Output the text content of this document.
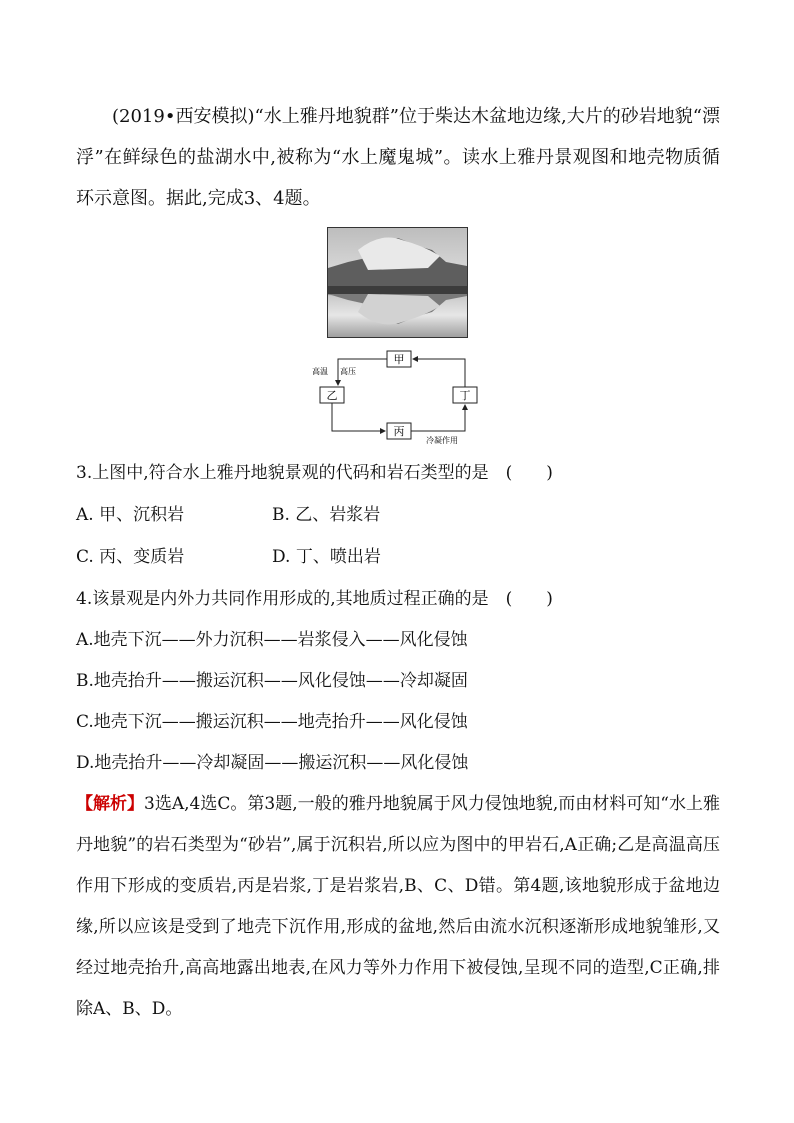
(2019•西安模拟)“水上雅丹地貌群”位于柴达木盆地边缘,大片的砂岩地貌“漂浮”在鲜绿色的盐湖水中,被称为“水上魔鬼城”。读水上雅丹景观图和地壳物质循环示意图。据此,完成3、4题。

甲
乙	丁
丙
高温 高压
冷凝作用

3.上图中,符合水上雅丹地貌景观的代码和岩石类型的是　(　　)

A. 甲、沉积岩	B. 乙、岩浆岩

C. 丙、变质岩	D. 丁、喷出岩

4.该景观是内外力共同作用形成的,其地质过程正确的是　(　　)

A.地壳下沉——外力沉积——岩浆侵入——风化侵蚀

B.地壳抬升——搬运沉积——风化侵蚀——冷却凝固

C.地壳下沉——搬运沉积——地壳抬升——风化侵蚀

D.地壳抬升——冷却凝固——搬运沉积——风化侵蚀

【解析】3选A,4选C。第3题,一般的雅丹地貌属于风力侵蚀地貌,而由材料可知“水上雅丹地貌”的岩石类型为“砂岩”,属于沉积岩,所以应为图中的甲岩石,A正确;乙是高温高压作用下形成的变质岩,丙是岩浆,丁是岩浆岩,B、C、D错。第4题,该地貌形成于盆地边缘,所以应该是受到了地壳下沉作用,形成的盆地,然后由流水沉积逐渐形成地貌雏形,又经过地壳抬升,高高地露出地表,在风力等外力作用下被侵蚀,呈现不同的造型,C正确,排除A、B、D。
